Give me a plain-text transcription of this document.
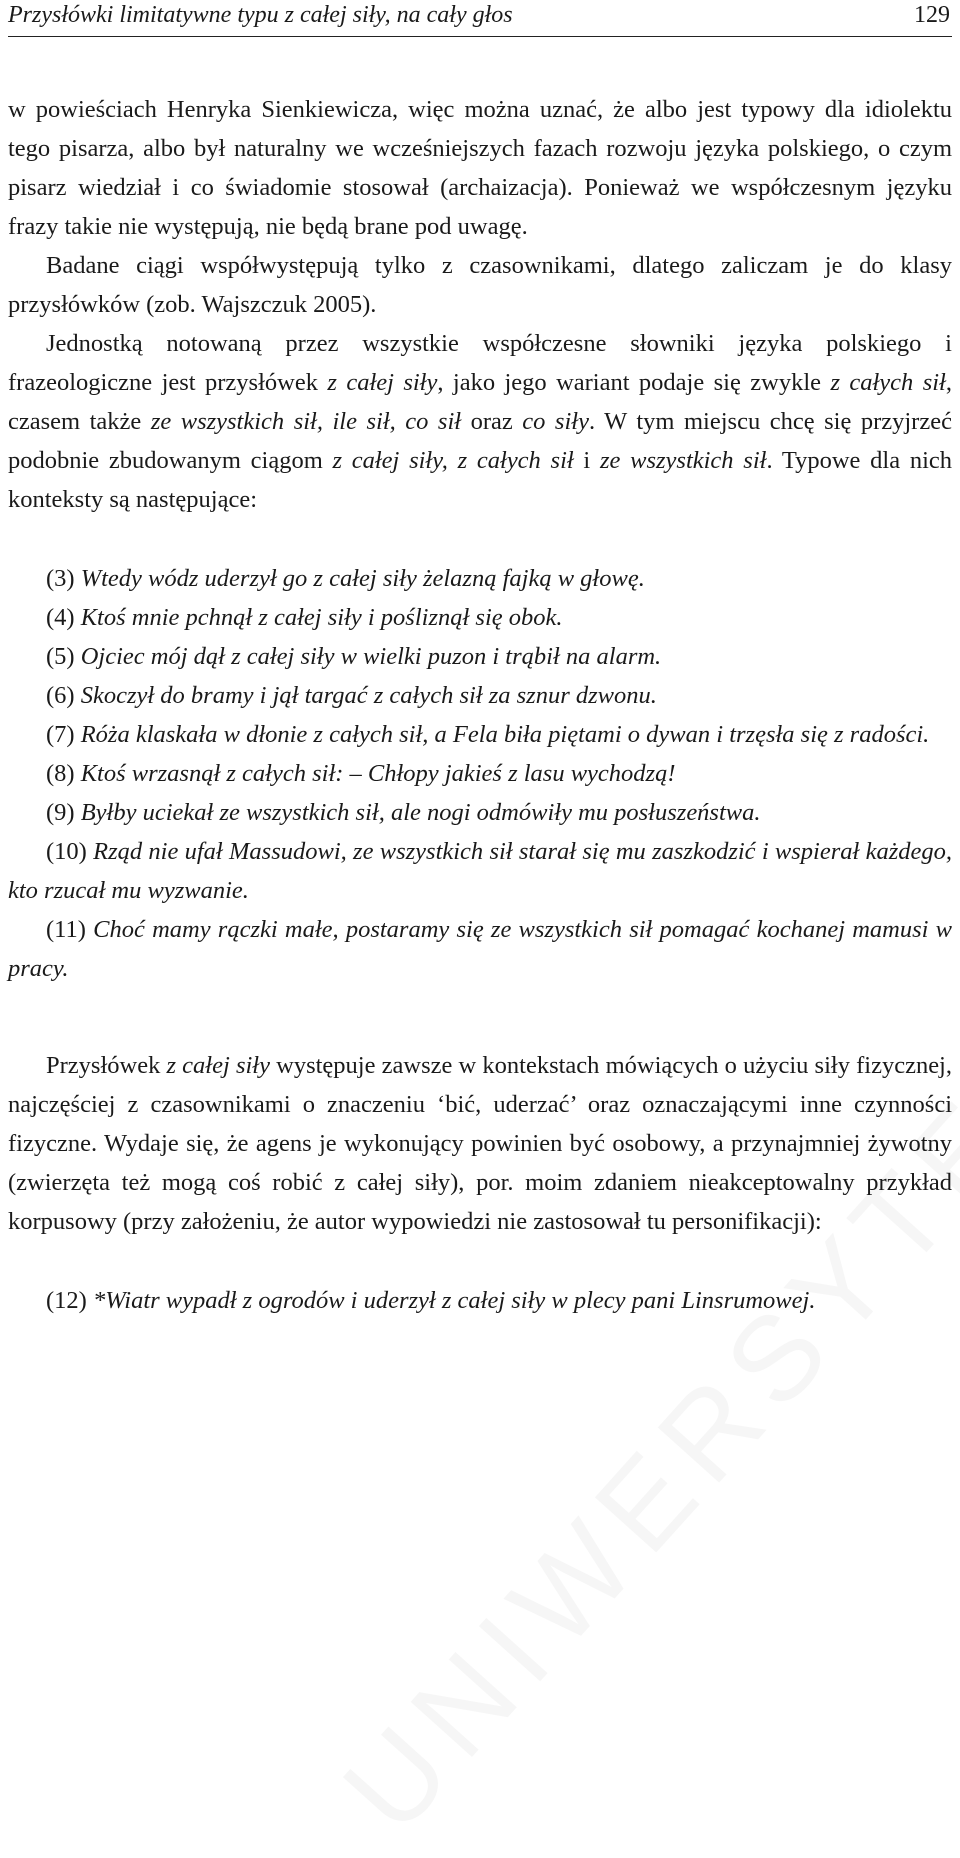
Przysłówki limitatywne typu z całej siły, na cały głos	129

w powieściach Henryka Sienkiewicza, więc można uznać, że albo jest typowy dla idiolektu tego pisarza, albo był naturalny we wcześniejszych fazach rozwoju języka polskiego, o czym pisarz wiedział i co świadomie stosował (archaizacja). Ponieważ we współczesnym języku frazy takie nie występują, nie będą brane pod uwagę.

Badane ciągi współwystępują tylko z czasownikami, dlatego zaliczam je do klasy przysłówków (zob. Wajszczuk 2005).

Jednostką notowaną przez wszystkie współczesne słowniki języka polskiego i frazeologiczne jest przysłówek z całej siły, jako jego wariant podaje się zwykle z całych sił, czasem także ze wszystkich sił, ile sił, co sił oraz co siły. W tym miejscu chcę się przyjrzeć podobnie zbudowanym ciągom z całej siły, z całych sił i ze wszystkich sił. Typowe dla nich konteksty są następujące:

(3) Wtedy wódz uderzył go z całej siły żelazną fajką w głowę.

(4) Ktoś mnie pchnął z całej siły i pośliznął się obok.

(5) Ojciec mój dął z całej siły w wielki puzon i trąbił na alarm.

(6) Skoczył do bramy i jął targać z całych sił za sznur dzwonu.

(7) Róża klaskała w dłonie z całych sił, a Fela biła piętami o dywan i trzęsła się z radości.

(8) Ktoś wrzasnął z całych sił: – Chłopy jakieś z lasu wychodzą!

(9) Byłby uciekał ze wszystkich sił, ale nogi odmówiły mu posłuszeństwa.

(10) Rząd nie ufał Massudowi, ze wszystkich sił starał się mu zaszkodzić i wspierał każdego, kto rzucał mu wyzwanie.

(11) Choć mamy rączki małe, postaramy się ze wszystkich sił pomagać kochanej mamusi w pracy.

Przysłówek z całej siły występuje zawsze w kontekstach mówiących o użyciu siły fizycznej, najczęściej z czasownikami o znaczeniu ‘bić, uderzać’ oraz oznaczającymi inne czynności fizyczne. Wydaje się, że agens je wykonujący powinien być osobowy, a przynajmniej żywotny (zwierzęta też mogą coś robić z całej siły), por. moim zdaniem nieakceptowalny przykład korpusowy (przy założeniu, że autor wypowiedzi nie zastosował tu personifikacji):

(12) *Wiatr wypadł z ogrodów i uderzył z całej siły w plecy pani Linsrumowej.
